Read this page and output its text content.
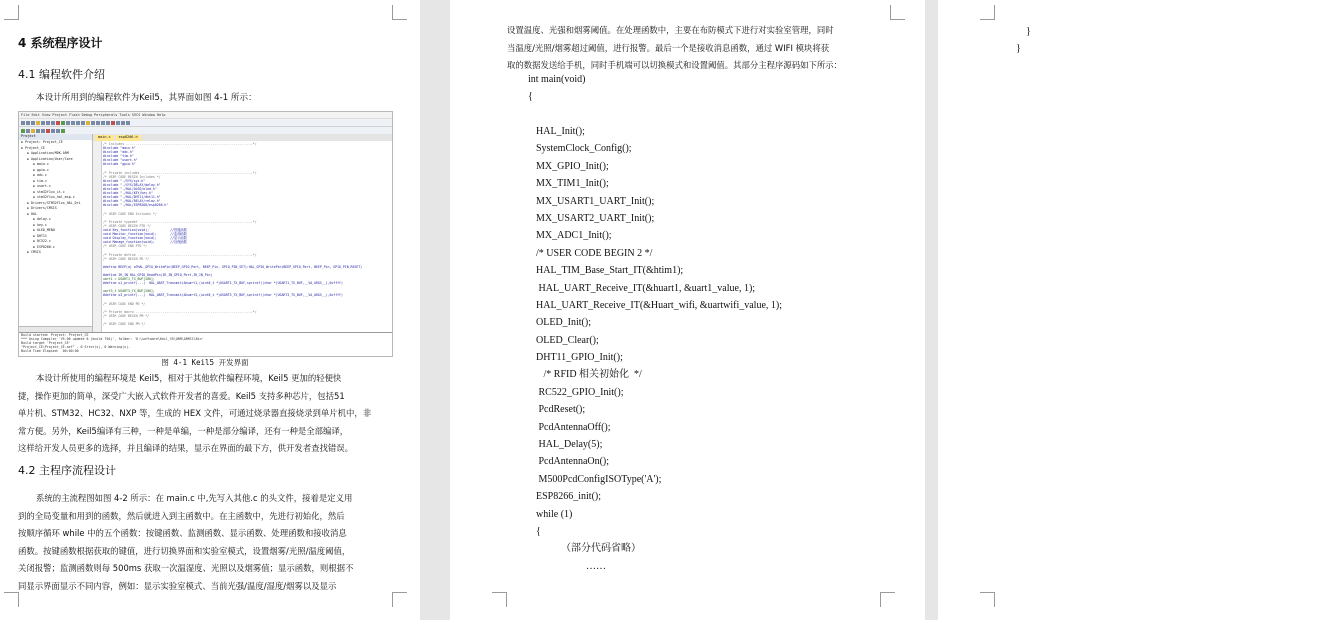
4 系统程序设计
4.1 编程软件介绍
本设计所用到的编程软件为Keil5，其界面如图 4-1 所示：
File Edit View Project Flash Debug Peripherals Tools SVCS Window Help
Project
▪ Project: Project_CE
▪ Project_CE
▪ Application/MDK-ARM
▪ Application/User/Core
▪ main.c
▪ gpio.c
▪ adc.c
▪ tim.c
▪ usart.c
▪ stm32f1xx_it.c
▪ stm32f1xx_hal_msp.c
▪ Drivers/STM32F1xx_HAL_Dri
▪ Drivers/CMSIS
▪ HAL
▪ delay.c
▪ key.c
▪ OLED_MENU
▪ DHT11
▪ RC522.c
▪ ESP8266.c
▪ CMSIS
main.c	esp8266.h
/* Includes ------------------------------------------------------------------*/
#include "main.h"
#include "adc.h"
#include "tim.h"
#include "usart.h"
#include "gpio.h"
/* Private includes ----------------------------------------------------------*/
/* USER CODE BEGIN Includes */
#include "./SYS/sys.h"
#include "./SYS/DELAY/delay.h"
#include "./HAL/OLED/oled.h"
#include "./HAL/KEY/key.h"
#include "./HAL/DHT11/dht11.h"
#include "./HAL/RELAY/relay.h"
#include "./HAL/ESP8266/esp8266.h"
/* USER CODE END Includes */
/* Private typedef -----------------------------------------------------------*/
/* USER CODE BEGIN PTD */
void Key_function(void);           //按键函数
void Monitor_function(void);       //监测函数
void Display_function(void);       //显示函数
void Manage_function(void);        //处理函数
/* USER CODE END PTD */
/* Private define ------------------------------------------------------------*/
/* USER CODE BEGIN PD */
#define BEEP(a) a?HAL_GPIO_WritePin(BEEP_GPIO_Port, BEEP_Pin, GPIO_PIN_SET):HAL_GPIO_WritePin(BEEP_GPIO_Port, BEEP_Pin, GPIO_PIN_RESET)
#define IR_IN HAL_GPIO_ReadPin(IR_IN_GPIO_Port,IR_IN_Pin)
uart1 = USART1_TX_BUF[200];
#define u1_printf(...)  HAL_UART_Transmit(&huart1,(uint8_t *)USART1_TX_BUF,sprintf((char *)USART1_TX_BUF,__VA_ARGS__),0xffff)
uart3_t USART3_TX_BUF[200];
#define u3_printf(...)  HAL_UART_Transmit(&huart3,(uint8_t *)USART3_TX_BUF,sprintf((char *)USART3_TX_BUF,__VA_ARGS__),0xffff)
/* USER CODE END PD */
/* Private macro -------------------------------------------------------------*/
/* USER CODE BEGIN PM */
/* USER CODE END PM */
Build started: Project: Project_CE
*** Using Compiler 'V5.06 update 6 (build 750)', folder: 'D:\software\Keil_V5\ARM\ARMCC\Bin'
Build target 'Project_CE'
"Project_CE\Project_CE.axf" - 0 Error(s), 0 Warning(s).
Build Time Elapsed:  00:00:00
图 4-1 Keil5 开发界面
本设计所使用的编程环境是 Keil5，相对于其他软件编程环境，Keil5 更加的轻便快
捷，操作更加的简单，深受广大嵌入式软件开发者的喜爱。Keil5 支持多种芯片，包括51
单片机、STM32、HC32、NXP 等，生成的 HEX 文件，可通过烧录器直接烧录到单片机中，非
常方便。另外，Keil5编译有三种，一种是单编，一种是部分编译，还有一种是全部编译，
这样给开发人员更多的选择，并且编译的结果，显示在界面的最下方，供开发者查找错误。
4.2 主程序流程设计
系统的主流程图如图 4-2 所示：在 main.c 中,先写入其他.c 的头文件，接着是定义用
到的全局变量和用到的函数，然后就进入到主函数中。在主函数中，先进行初始化，然后
按顺序循环 while 中的五个函数：按键函数、监测函数、显示函数、处理函数和接收消息
函数。按键函数根据获取的键值，进行切换界面和实验室模式，设置烟雾/光照/温度阈值，
关闭报警；监测函数则每 500ms 获取一次温湿度、光照以及烟雾值；显示函数，则根据不
同显示界面显示不同内容，例如：显示实验室模式、当前光强/温度/湿度/烟雾以及显示
设置温度、光强和烟雾阈值。在处理函数中，主要在布防模式下进行对实验室管理，同时
当温度/光照/烟雾超过阈值，进行报警。最后一个是接收消息函数，通过 WIFI 模块将获
取的数据发送给手机，同时手机端可以切换模式和设置阈值。其部分主程序源码如下所示：
int main(void)
{
HAL_Init();
SystemClock_Config();
MX_GPIO_Init();
MX_TIM1_Init();
MX_USART1_UART_Init();
MX_USART2_UART_Init();
MX_ADC1_Init();
/* USER CODE BEGIN 2 */
HAL_TIM_Base_Start_IT(&htim1);
HAL_UART_Receive_IT(&huart1, &uart1_value, 1);
HAL_UART_Receive_IT(&Huart_wifi, &uartwifi_value, 1);
OLED_Init();
OLED_Clear();
DHT11_GPIO_Init();
/* RFID 相关初始化  */
RC522_GPIO_Init();
PcdReset();
PcdAntennaOff();
HAL_Delay(5);
PcdAntennaOn();
M500PcdConfigISOType('A');
ESP8266_init();
while (1)
{
（部分代码省略）
……
}
}
